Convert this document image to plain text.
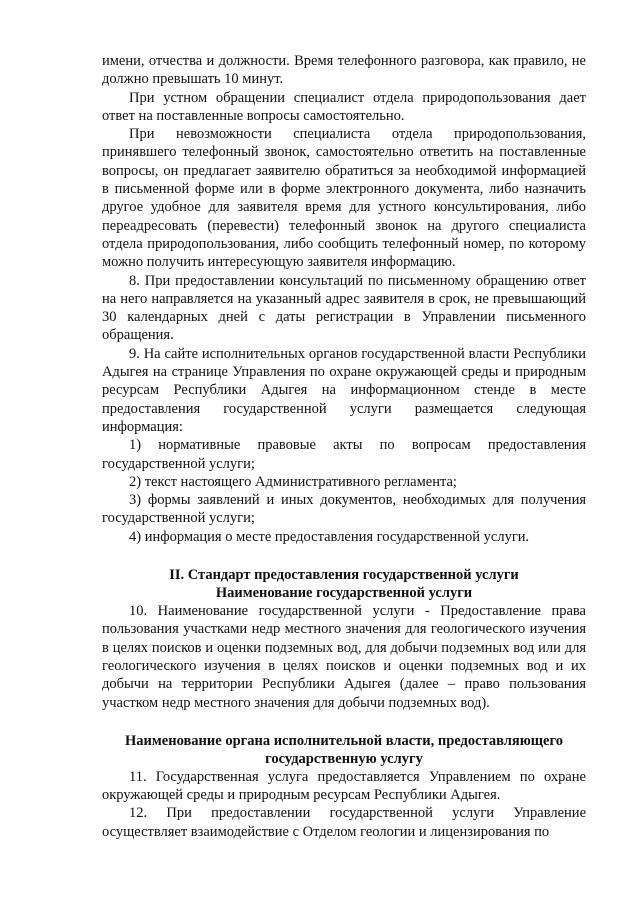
имени, отчества и должности. Время телефонного разговора, как правило, не должно превышать 10 минут.

При устном обращении специалист отдела природопользования дает ответ на поставленные вопросы самостоятельно.

При невозможности специалиста отдела природопользования, принявшего телефонный звонок, самостоятельно ответить на поставленные вопросы, он предлагает заявителю обратиться за необходимой информацией в письменной форме или в форме электронного документа, либо назначить другое удобное для заявителя время для устного консультирования, либо переадресовать (перевести) телефонный звонок на другого специалиста отдела природопользования, либо сообщить телефонный номер, по которому можно получить интересующую заявителя информацию.

8. При предоставлении консультаций по письменному обращению ответ на него направляется на указанный адрес заявителя в срок, не превышающий 30 календарных дней с даты регистрации в Управлении письменного обращения.

9. На сайте исполнительных органов государственной власти Республики Адыгея на странице Управления по охране окружающей среды и природным ресурсам Республики Адыгея на информационном стенде в месте предоставления государственной услуги размещается следующая информация:

1) нормативные правовые акты по вопросам предоставления государственной услуги;

2) текст настоящего Административного регламента;

3) формы заявлений и иных документов, необходимых для получения государственной услуги;

4) информация о месте предоставления государственной услуги.

II. Стандарт предоставления государственной услуги
Наименование государственной услуги

10. Наименование государственной услуги - Предоставление права пользования участками недр местного значения для геологического изучения в целях поисков и оценки подземных вод, для добычи подземных вод или для геологического изучения в целях поисков и оценки подземных вод и их добычи на территории Республики Адыгея (далее – право пользования участком недр местного значения для добычи подземных вод).

Наименование органа исполнительной власти, предоставляющего
государственную услугу

11. Государственная услуга предоставляется Управлением по охране окружающей среды и природным ресурсам Республики Адыгея.

12. При предоставлении государственной услуги Управление осуществляет взаимодействие с Отделом геологии и лицензирования по
